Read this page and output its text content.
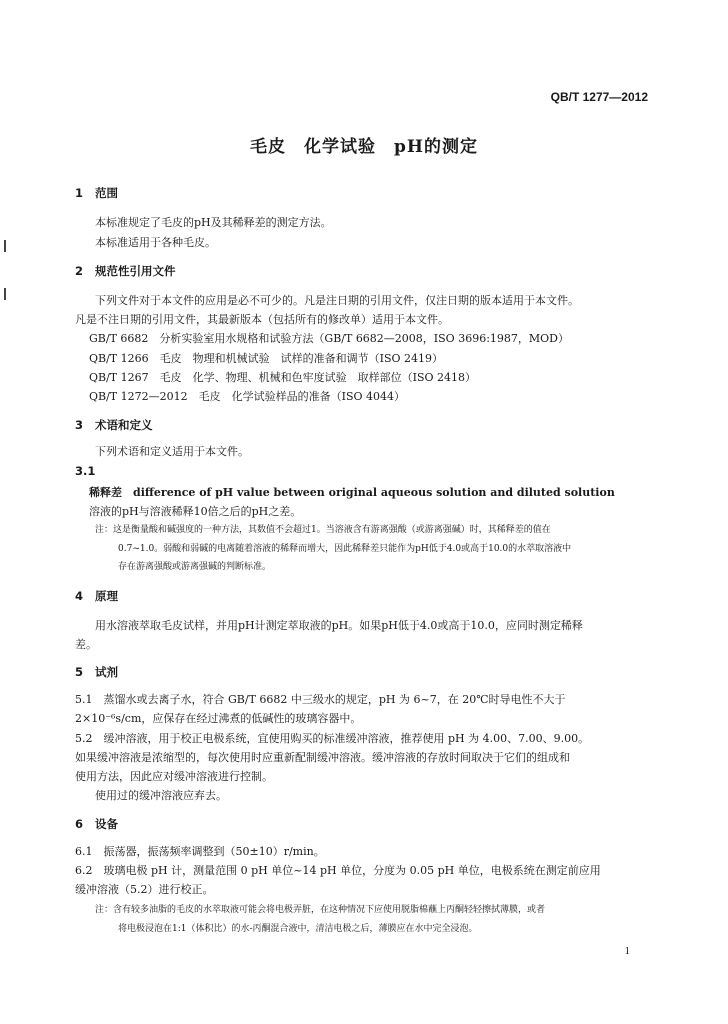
QB/T 1277—2012
毛皮　化学试验　pH的测定
1 范围
本标准规定了毛皮的pH及其稀释差的测定方法。
本标准适用于各种毛皮。
2 规范性引用文件
下列文件对于本文件的应用是必不可少的。凡是注日期的引用文件，仅注日期的版本适用于本文件。
凡是不注日期的引用文件，其最新版本（包括所有的修改单）适用于本文件。
GB/T 6682　分析实验室用水规格和试验方法（GB/T 6682—2008，ISO 3696:1987，MOD）
QB/T 1266　毛皮　物理和机械试验　试样的准备和调节（ISO 2419）
QB/T 1267　毛皮　化学、物理、机械和色牢度试验　取样部位（ISO 2418）
QB/T 1272—2012　毛皮　化学试验样品的准备（ISO 4044）
3 术语和定义
下列术语和定义适用于本文件。
3.1
稀释差　difference of pH value between original aqueous solution and diluted solution
溶液的pH与溶液稀释10倍之后的pH之差。
注：这是衡量酸和碱强度的一种方法，其数值不会超过1。当溶液含有游离强酸（或游离强碱）时，其稀释差的值在
0.7~1.0。弱酸和弱碱的电离随着溶液的稀释而增大，因此稀释差只能作为pH低于4.0或高于10.0的水萃取溶液中
存在游离强酸或游离强碱的判断标准。
4 原理
用水溶液萃取毛皮试样，并用pH计测定萃取液的pH。如果pH低于4.0或高于10.0，应同时测定稀释
差。
5 试剂
5.1　蒸馏水或去离子水，符合 GB/T 6682 中三级水的规定，pH 为 6~7，在 20℃时导电性不大于
2×10⁻⁶s/cm，应保存在经过沸煮的低碱性的玻璃容器中。
5.2　缓冲溶液，用于校正电极系统，宜使用购买的标准缓冲溶液，推荐使用 pH 为 4.00、7.00、9.00。
如果缓冲溶液是浓缩型的，每次使用时应重新配制缓冲溶液。缓冲溶液的存放时间取决于它们的组成和
使用方法，因此应对缓冲溶液进行控制。
使用过的缓冲溶液应弃去。
6 设备
6.1　振荡器，振荡频率调整到（50±10）r/min。
6.2　玻璃电极 pH 计，测量范围 0 pH 单位~14 pH 单位，分度为 0.05 pH 单位，电极系统在测定前应用
缓冲溶液（5.2）进行校正。
注：含有较多油脂的毛皮的水萃取液可能会将电极弄脏，在这种情况下应使用脱脂棉蘸上丙酮轻轻擦拭薄膜，或者
将电极浸泡在1:1（体积比）的水-丙酮混合液中，清洁电极之后，薄膜应在水中完全浸泡。
1
